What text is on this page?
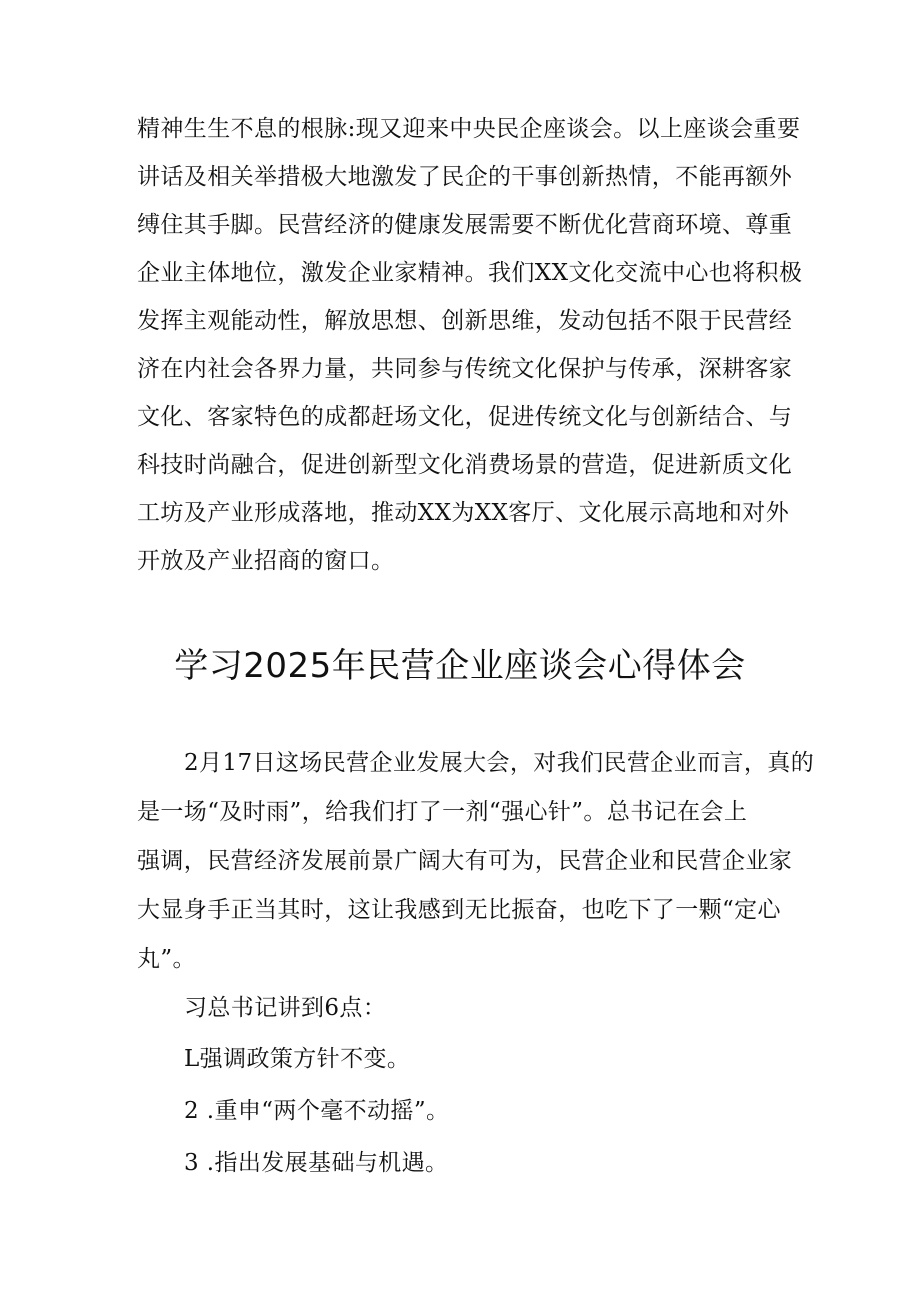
精神生生不息的根脉:现又迎来中央民企座谈会。以上座谈会重要
讲话及相关举措极大地激发了民企的干事创新热情，不能再额外
缚住其手脚。民营经济的健康发展需要不断优化营商环境、尊重
企业主体地位，激发企业家精神。我们XX文化交流中心也将积极
发挥主观能动性，解放思想、创新思维，发动包括不限于民营经
济在内社会各界力量，共同参与传统文化保护与传承，深耕客家
文化、客家特色的成都赶场文化，促进传统文化与创新结合、与
科技时尚融合，促进创新型文化消费场景的营造，促进新质文化
工坊及产业形成落地，推动XX为XX客厅、文化展示高地和对外
开放及产业招商的窗口。
学习2025年民营企业座谈会心得体会
2月17日这场民营企业发展大会，对我们民营企业而言，真的
是一场“及时雨”，给我们打了一剂“强心针”。总书记在会上
强调，民营经济发展前景广阔大有可为，民营企业和民营企业家
大显身手正当其时，这让我感到无比振奋，也吃下了一颗“定心
丸”。
习总书记讲到6点：
L强调政策方针不变。
2 .重申“两个毫不动摇”。
3 .指出发展基础与机遇。
